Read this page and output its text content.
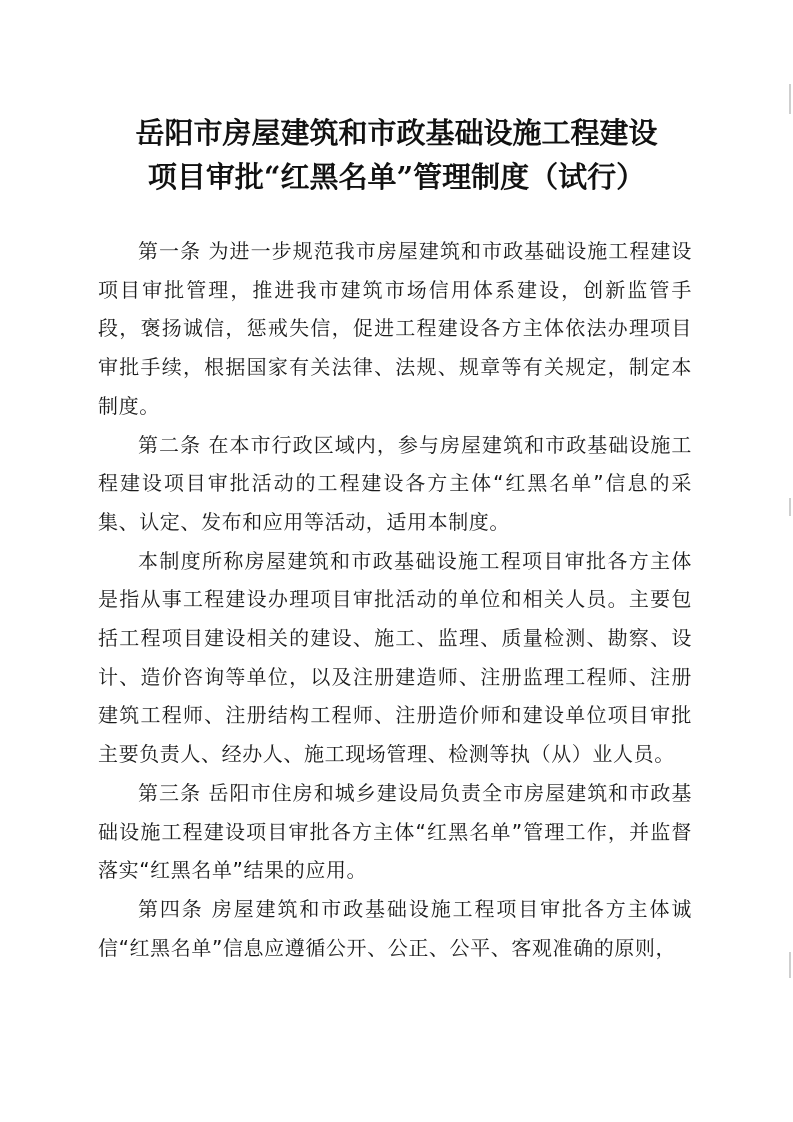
岳阳市房屋建筑和市政基础设施工程建设
项目审批“红黑名单”管理制度（试行）

第一条 为进一步规范我市房屋建筑和市政基础设施工程建设项目审批管理，推进我市建筑市场信用体系建设，创新监管手段，褒扬诚信，惩戒失信，促进工程建设各方主体依法办理项目审批手续，根据国家有关法律、法规、规章等有关规定，制定本制度。

第二条 在本市行政区域内，参与房屋建筑和市政基础设施工程建设项目审批活动的工程建设各方主体“红黑名单”信息的采集、认定、发布和应用等活动，适用本制度。

本制度所称房屋建筑和市政基础设施工程项目审批各方主体是指从事工程建设办理项目审批活动的单位和相关人员。主要包括工程项目建设相关的建设、施工、监理、质量检测、勘察、设计、造价咨询等单位，以及注册建造师、注册监理工程师、注册建筑工程师、注册结构工程师、注册造价师和建设单位项目审批主要负责人、经办人、施工现场管理、检测等执（从）业人员。

第三条 岳阳市住房和城乡建设局负责全市房屋建筑和市政基础设施工程建设项目审批各方主体“红黑名单”管理工作，并监督落实“红黑名单”结果的应用。

第四条 房屋建筑和市政基础设施工程项目审批各方主体诚信“红黑名单”信息应遵循公开、公正、公平、客观准确的原则，
